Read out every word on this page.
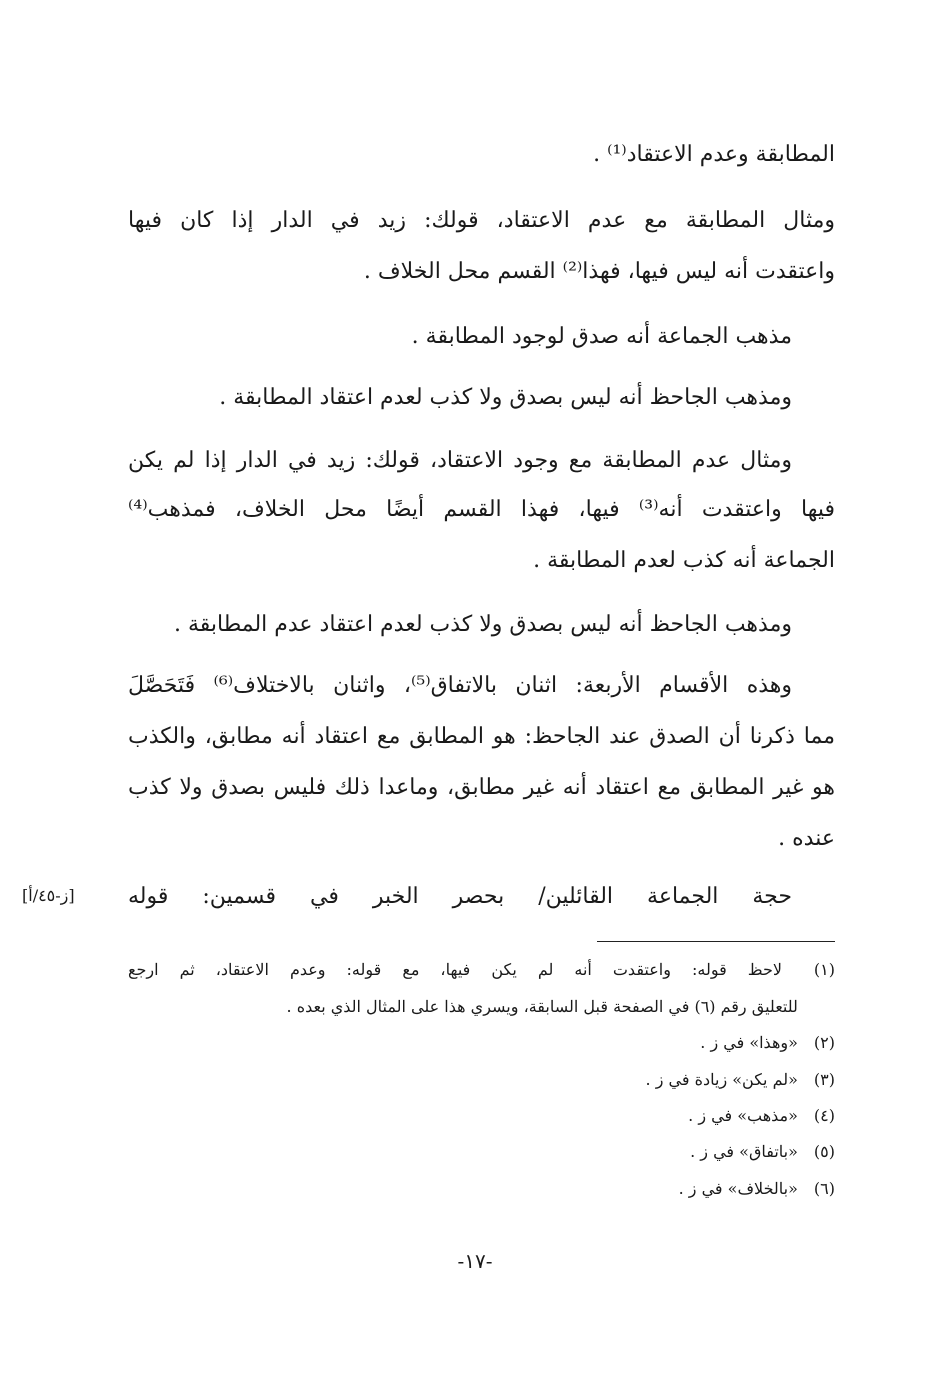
المطابقة وعدم الاعتقاد⁽¹⁾ .
ومثال المطابقة مع عدم الاعتقاد، قولك: زيد في الدار إذا كان فيها
واعتقدت أنه ليس فيها، فهذا⁽²⁾ القسم محل الخلاف .
مذهب الجماعة أنه صدق لوجود المطابقة .
ومذهب الجاحظ أنه ليس بصدق ولا كذب لعدم اعتقاد المطابقة .
ومثال عدم المطابقة مع وجود الاعتقاد، قولك: زيد في الدار إذا لم يكن
فيها واعتقدت أنه⁽³⁾ فيها، فهذا القسم أيضًا محل الخلاف، فمذهب⁽⁴⁾
الجماعة أنه كذب لعدم المطابقة .
ومذهب الجاحظ أنه ليس بصدق ولا كذب لعدم اعتقاد عدم المطابقة .
وهذه الأقسام الأربعة: اثنان بالاتفاق⁽⁵⁾، واثنان بالاختلاف⁽⁶⁾ فَتَحَصَّلَ
مما ذكرنا أن الصدق عند الجاحظ: هو المطابق مع اعتقاد أنه مطابق، والكذب
هو غير المطابق مع اعتقاد أنه غير مطابق، وماعدا ذلك فليس بصدق ولا كذب
عنده .
حجة الجماعة القائلين/ بحصر الخبر في قسمين: قوله
[ز-٤٥/أ]
(١) لاحظ قوله: واعتقدت أنه لم يكن فيها، مع قوله: وعدم الاعتقاد، ثم ارجع
للتعليق رقم (٦) في الصفحة قبل السابقة، ويسري هذا على المثال الذي بعده .
(٢) «وهذا» في ز .
(٣) «لم يكن» زيادة في ز .
(٤) «مذهب» في ز .
(٥) «باتفاق» في ز .
(٦) «بالخلاف» في ز .
-١٧-
